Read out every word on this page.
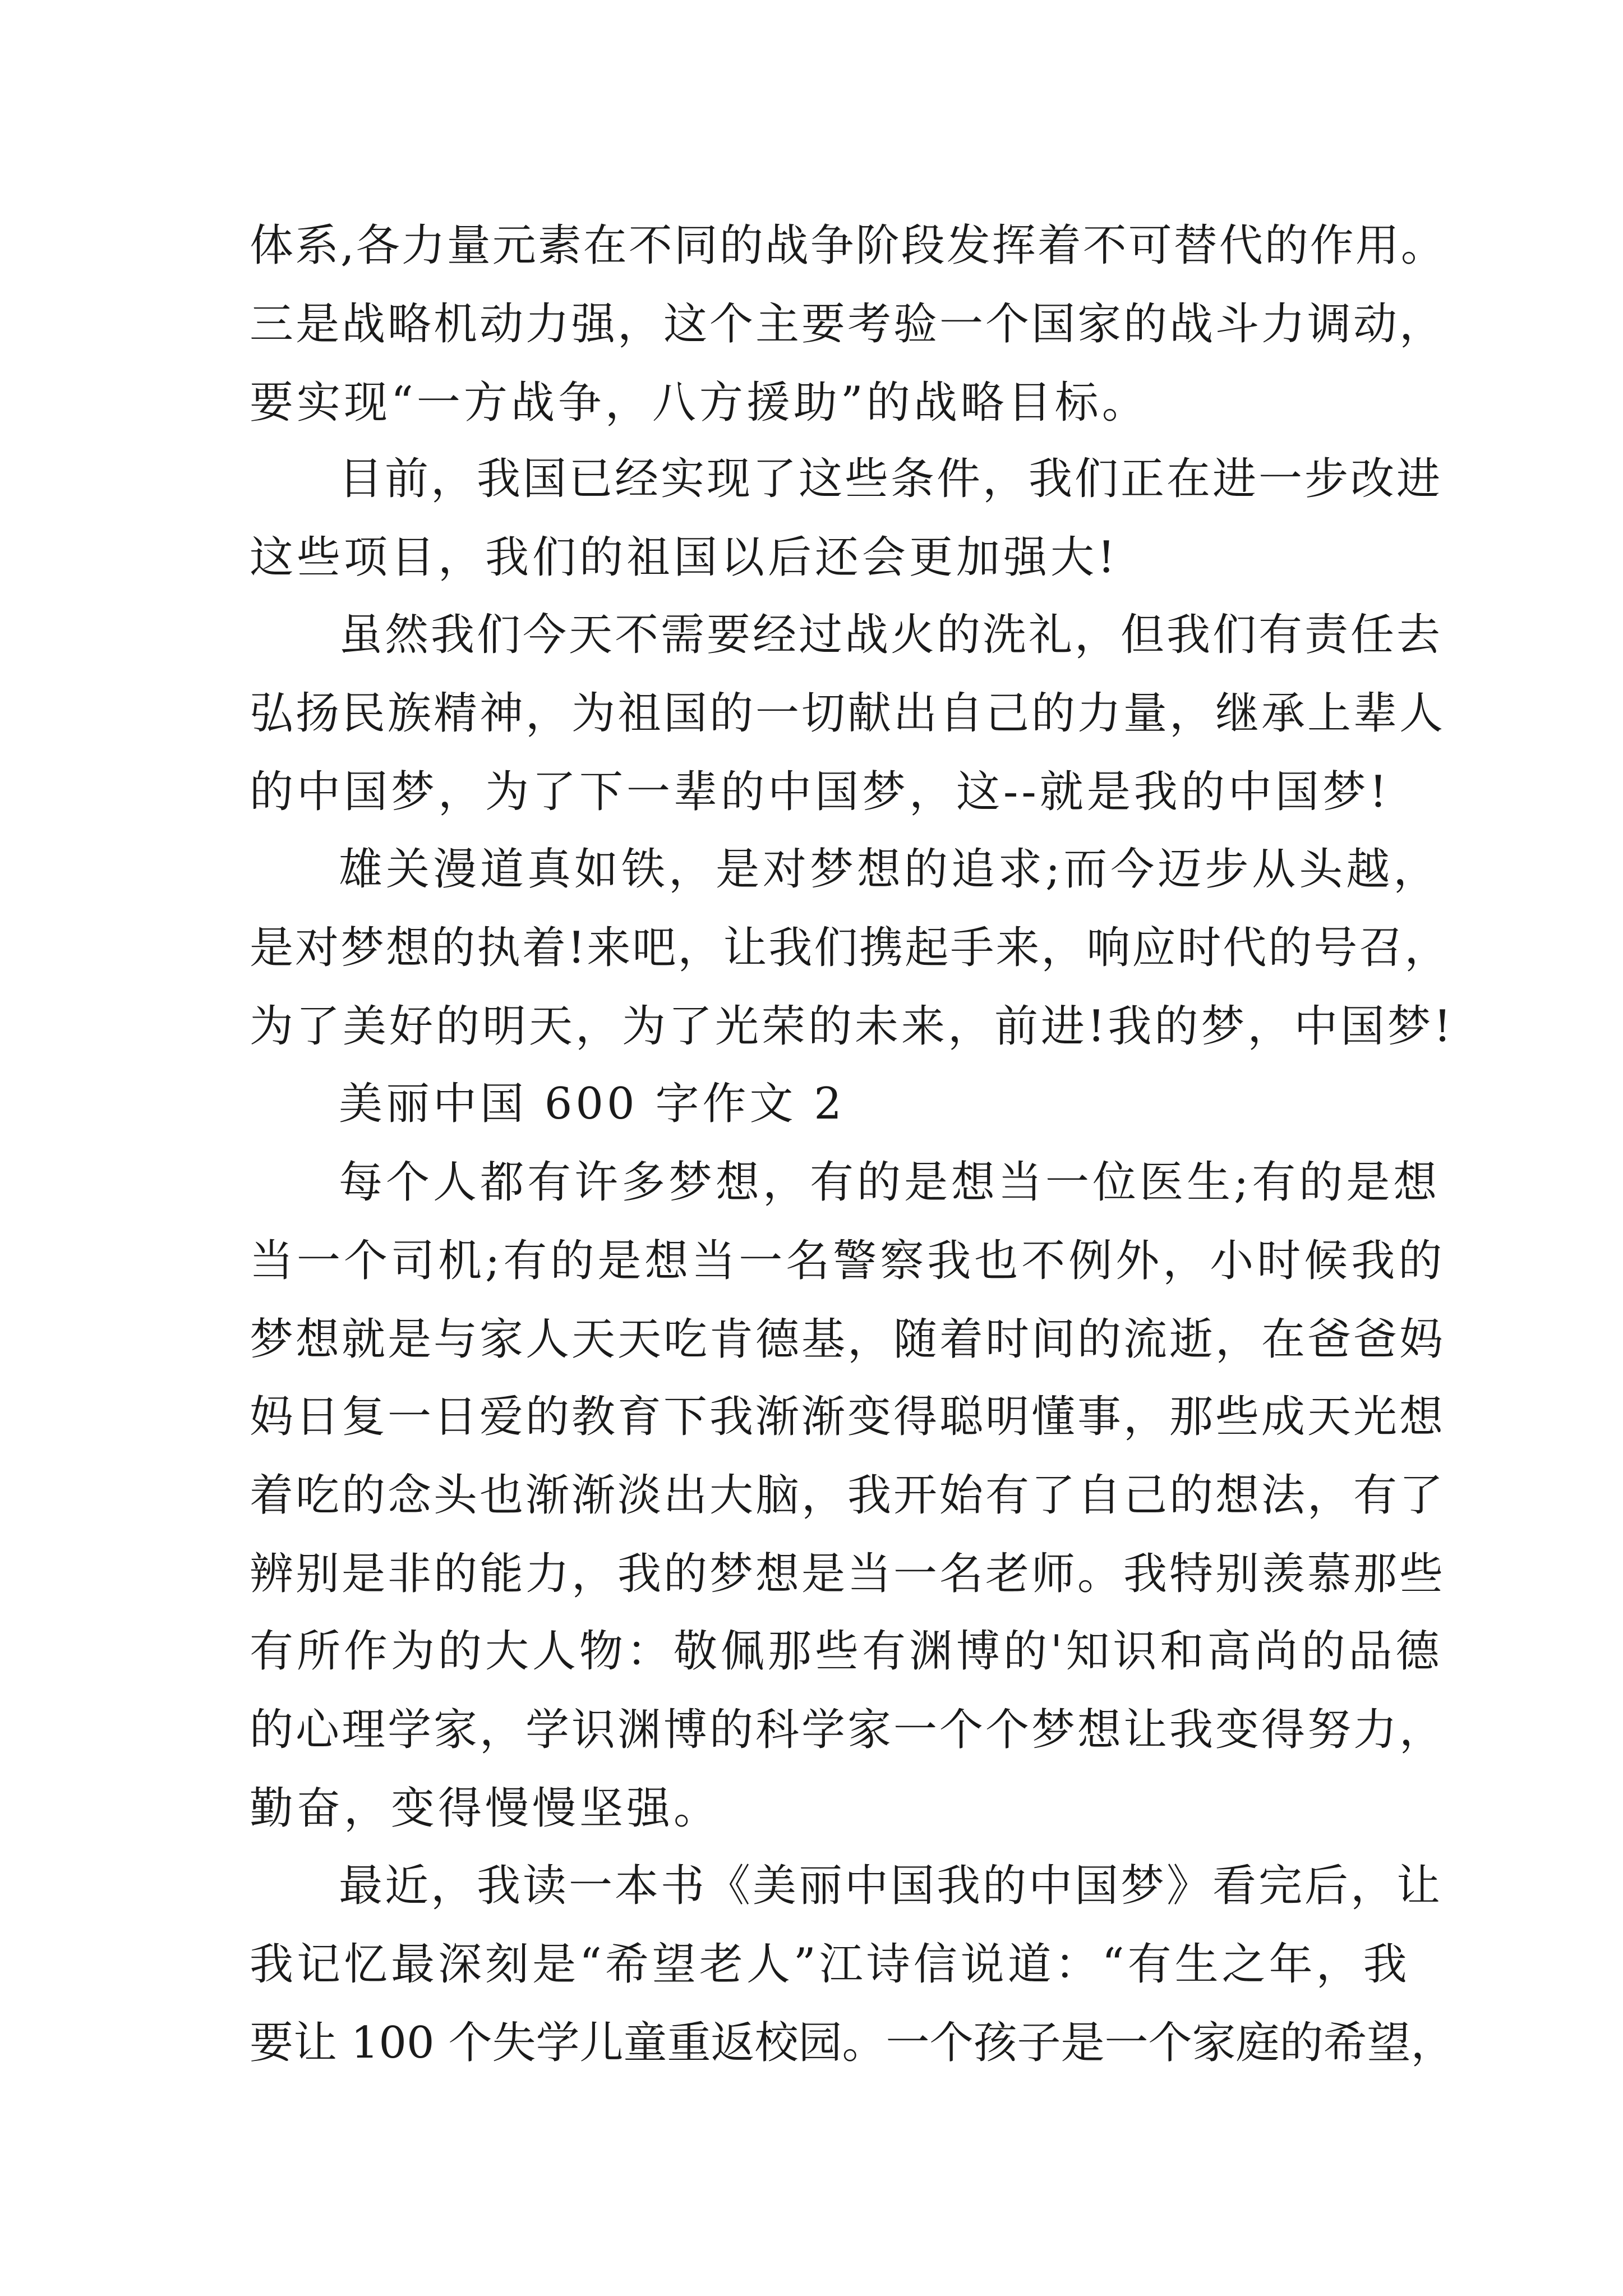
体系,各力量元素在不同的战争阶段发挥着不可替代的作用。
三是战略机动力强，这个主要考验一个国家的战斗力调动，
要实现“一方战争，八方援助”的战略目标。
目前，我国已经实现了这些条件，我们正在进一步改进
这些项目，我们的祖国以后还会更加强大!
虽然我们今天不需要经过战火的洗礼，但我们有责任去
弘扬民族精神，为祖国的一切献出自己的力量，继承上辈人
的中国梦，为了下一辈的中国梦，这--就是我的中国梦!
雄关漫道真如铁，是对梦想的追求;而今迈步从头越，
是对梦想的执着!来吧，让我们携起手来，响应时代的号召，
为了美好的明天，为了光荣的未来，前进!我的梦，中国梦!
美丽中国 600 字作文 2
每个人都有许多梦想，有的是想当一位医生;有的是想
当一个司机;有的是想当一名警察我也不例外，小时候我的
梦想就是与家人天天吃肯德基，随着时间的流逝，在爸爸妈
妈日复一日爱的教育下我渐渐变得聪明懂事，那些成天光想
着吃的念头也渐渐淡出大脑，我开始有了自己的想法，有了
辨别是非的能力，我的梦想是当一名老师。我特别羡慕那些
有所作为的大人物：敬佩那些有渊博的'知识和高尚的品德
的心理学家，学识渊博的科学家一个个梦想让我变得努力，
勤奋，变得慢慢坚强。
最近，我读一本书《美丽中国我的中国梦》看完后，让
我记忆最深刻是“希望老人”江诗信说道：“有生之年，我
要让 100 个失学儿童重返校园。一个孩子是一个家庭的希望，
